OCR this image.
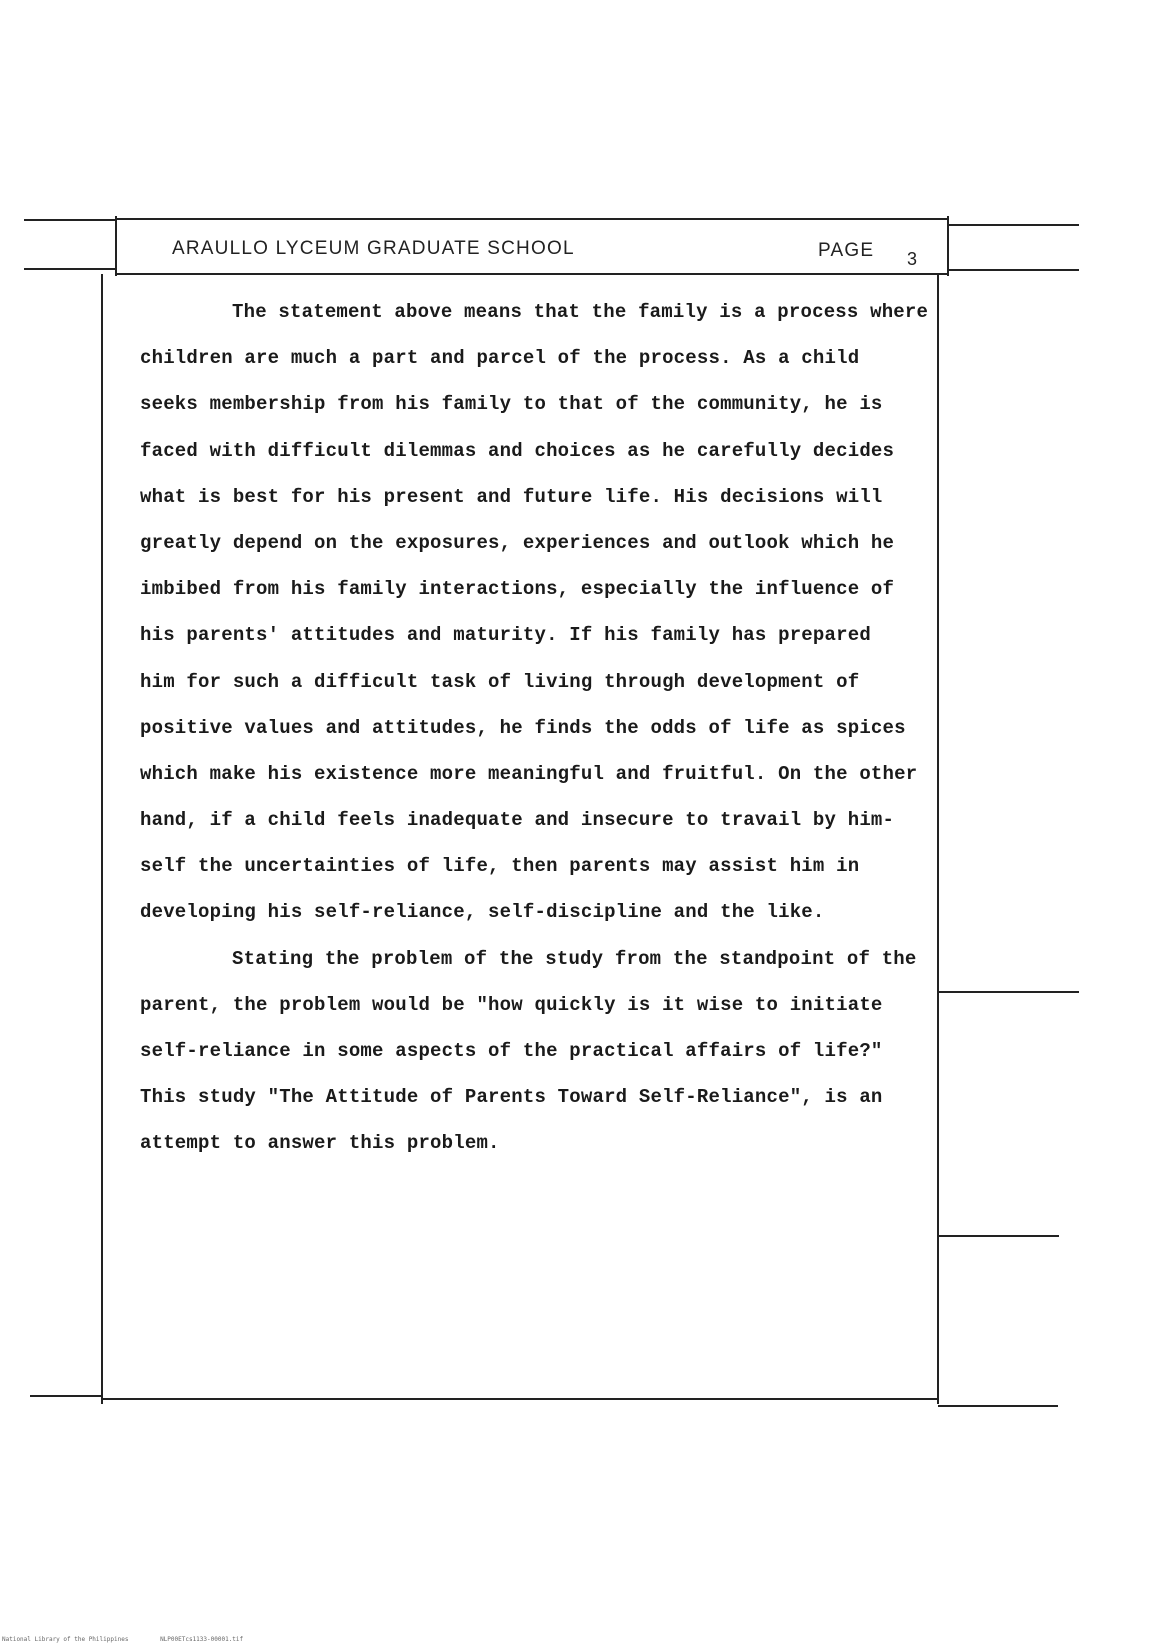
ARAULLO LYCEUM GRADUATE SCHOOL	PAGE 3
The statement above means that the family is a process where
children are much a part and parcel of the process. As a child
seeks membership from his family to that of the community, he is
faced with difficult dilemmas and choices as he carefully decides
what is best for his present and future life. His decisions will
greatly depend on the exposures, experiences and outlook which he
imbibed from his family interactions, especially the influence of
his parents' attitudes and maturity. If his family has prepared
him for such a difficult task of living through development of
positive values and attitudes, he finds the odds of life as spices
which make his existence more meaningful and fruitful. On the other
hand, if a child feels inadequate and insecure to travail by him-
self the uncertainties of life, then parents may assist him in
developing his self-reliance, self-discipline and the like.
Stating the problem of the study from the standpoint of the
parent, the problem would be "how quickly is it wise to initiate
self-reliance in some aspects of the practical affairs of life?"
This study "The Attitude of Parents Toward Self-Reliance", is an
attempt to answer this problem.
National Library of the Philippines	NLP00ETcs1133-00001.tif
